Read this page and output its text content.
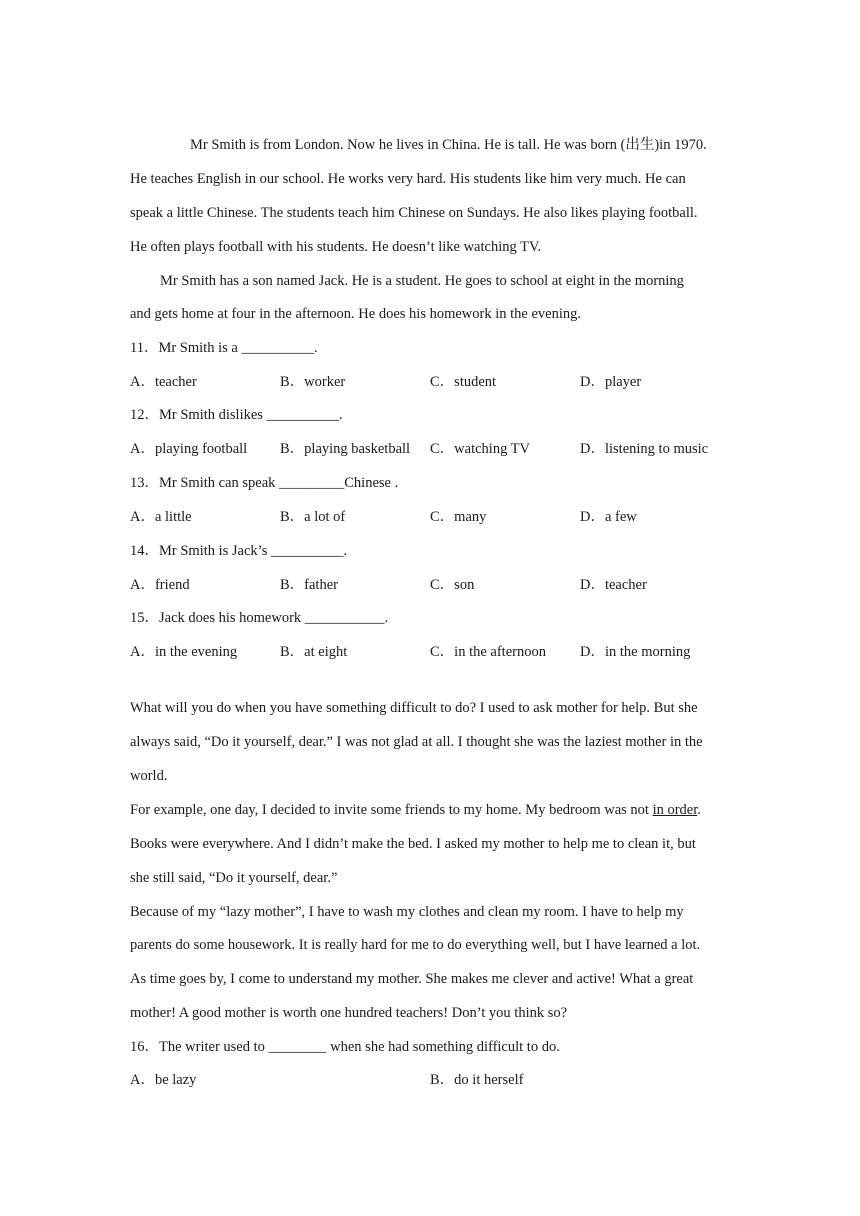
Mr Smith is from London. Now he lives in China. He is tall. He was born (出生)in 1970.
He teaches English in our school. He works very hard. His students like him very much. He can
speak a little Chinese. The students teach him Chinese on Sundays. He also likes playing football.
He often plays football with his students. He doesn’t like watching TV.
Mr Smith has a son named Jack. He is a student. He goes to school at eight in the morning
and gets home at four in the afternoon. He does his homework in the evening.
11．Mr Smith is a __________.
A．teacher	B．worker	C．student	D．player
12．Mr Smith dislikes __________.
A．playing football B．playing basketball C．watching TV	D．listening to music
13．Mr Smith can speak _________Chinese .
A．a little	B．a lot of	C．many	D．a few
14．Mr Smith is Jack’s __________.
A．friend	B．father	C．son	D．teacher
15．Jack does his homework ___________.
A．in the evening	B．at eight	C．in the afternoon D．in the morning
What will you do when you have something difficult to do? I used to ask mother for help. But she
always said, “Do it yourself, dear.” I was not glad at all. I thought she was the laziest mother in the
world.
For example, one day, I decided to invite some friends to my home. My bedroom was not in order.
Books were everywhere. And I didn’t make the bed. I asked my mother to help me to clean it, but
she still said, “Do it yourself, dear.”
Because of my “lazy mother”, I have to wash my clothes and clean my room. I have to help my
parents do some housework. It is really hard for me to do everything well, but I have learned a lot.
As time goes by, I come to understand my mother. She makes me clever and active! What a great
mother! A good mother is worth one hundred teachers! Don’t you think so?
16．The writer used to ________ when she had something difficult to do.
A．be lazy	B．do it herself
